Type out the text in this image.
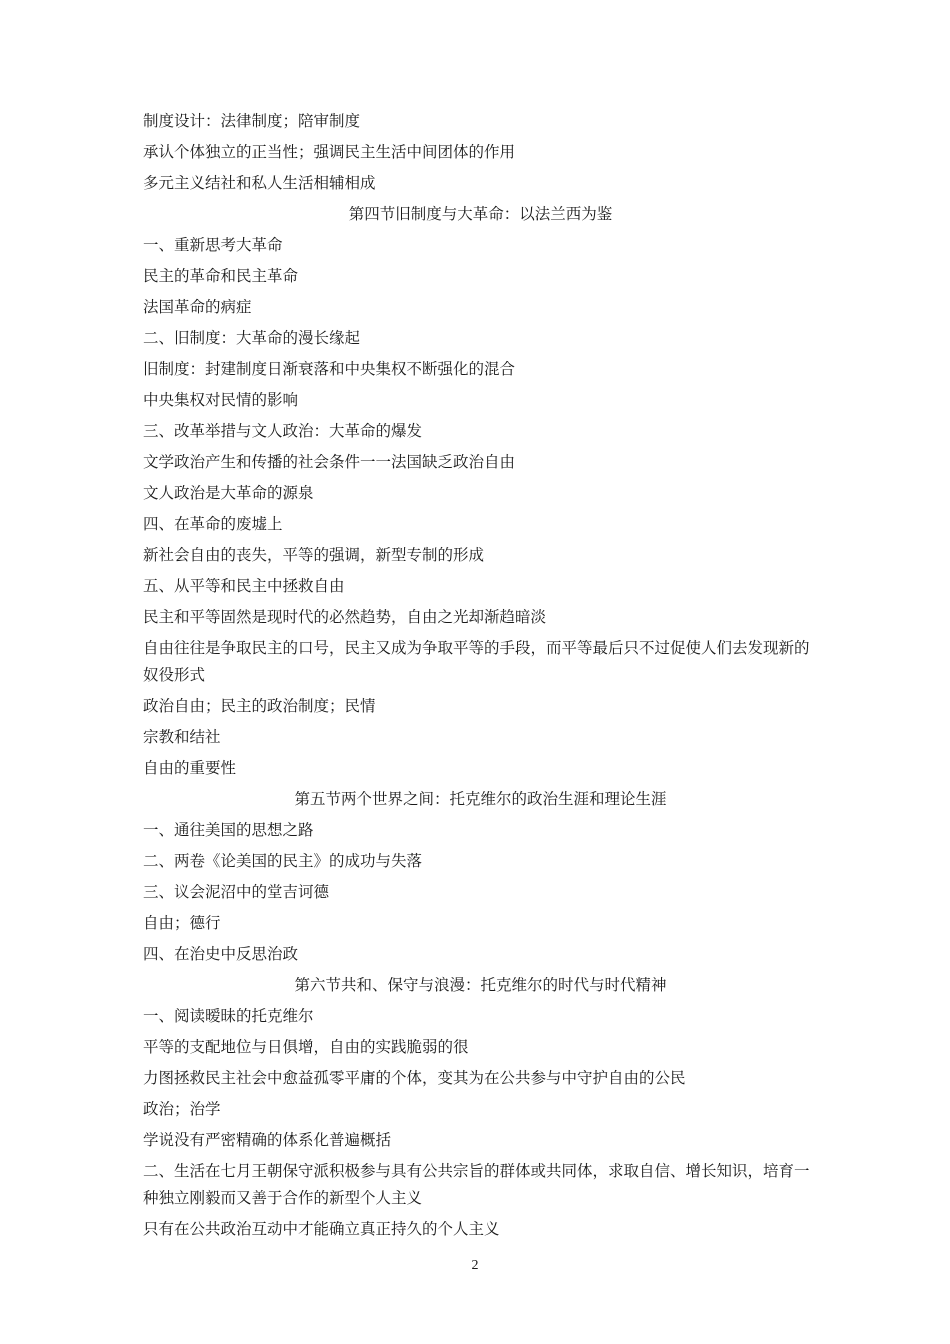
制度设计：法律制度；陪审制度
承认个体独立的正当性；强调民主生活中间团体的作用
多元主义结社和私人生活相辅相成
第四节旧制度与大革命：以法兰西为鉴
一、重新思考大革命
民主的革命和民主革命
法国革命的病症
二、旧制度：大革命的漫长缘起
旧制度：封建制度日渐衰落和中央集权不断强化的混合
中央集权对民情的影响
三、改革举措与文人政治：大革命的爆发
文学政治产生和传播的社会条件一一法国缺乏政治自由
文人政治是大革命的源泉
四、在革命的废墟上
新社会自由的丧失，平等的强调，新型专制的形成
五、从平等和民主中拯救自由
民主和平等固然是现时代的必然趋势，自由之光却渐趋暗淡
自由往往是争取民主的口号，民主又成为争取平等的手段，而平等最后只不过促使人们去发现新的奴役形式
政治自由；民主的政治制度；民情
宗教和结社
自由的重要性
第五节两个世界之间：托克维尔的政治生涯和理论生涯
一、通往美国的思想之路
二、两卷《论美国的民主》的成功与失落
三、议会泥沼中的堂吉诃德
自由；德行
四、在治史中反思治政
第六节共和、保守与浪漫：托克维尔的时代与时代精神
一、阅读暧昧的托克维尔
平等的支配地位与日俱增，自由的实践脆弱的很
力图拯救民主社会中愈益孤零平庸的个体，变其为在公共参与中守护自由的公民
政治；治学
学说没有严密精确的体系化普遍概括
二、生活在七月王朝保守派积极参与具有公共宗旨的群体或共同体，求取自信、增长知识，培育一种独立刚毅而又善于合作的新型个人主义
只有在公共政治互动中才能确立真正持久的个人主义
2
